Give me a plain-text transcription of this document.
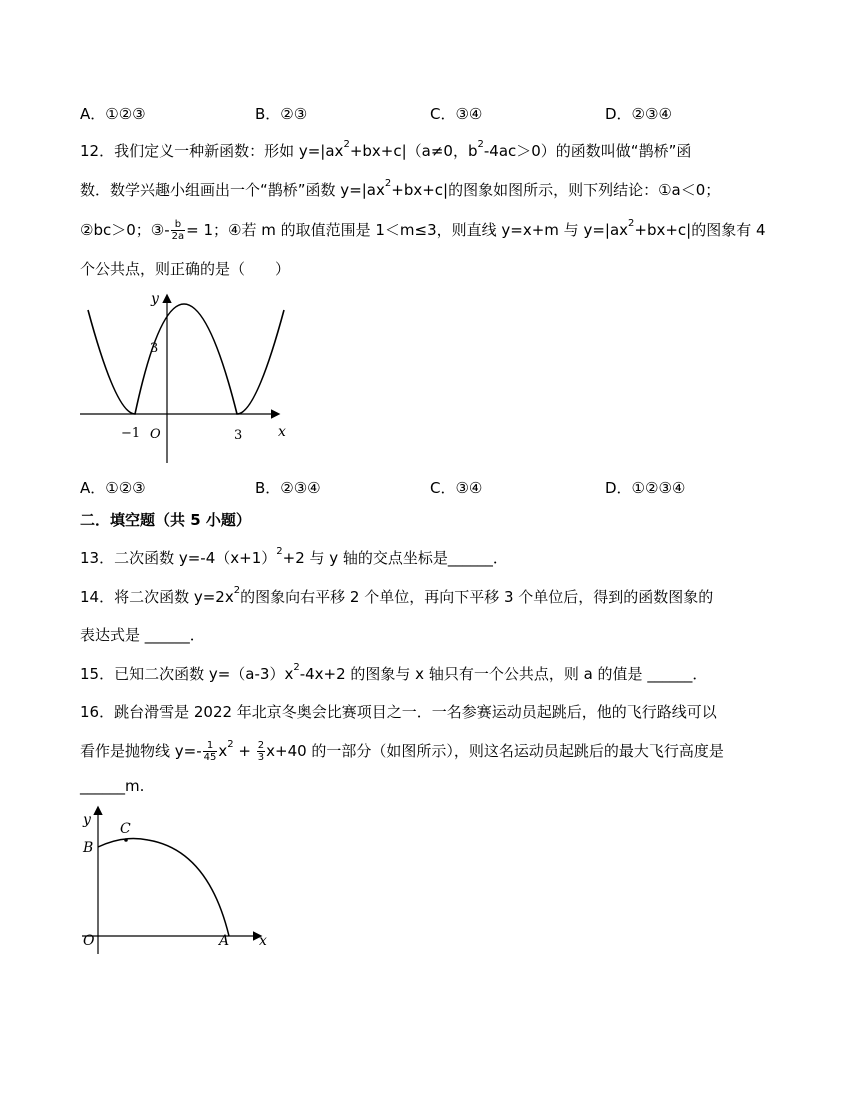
A．①②③	B．②③	C．③④	D．②③④
12．我们定义一种新函数：形如 $y=|ax^2+bx+c|(a\ne 0$，$b^2-4ac>0$）的函数叫做“鹊桥”函
数．数学兴趣小组画出一个“鹊桥”函数 $y=|ax^2+bx+c|$的图象如图所示，则下列结论：①a＜0；
②bc＞0；③- $\frac{b}{2a} = 1$；④若 m 的取值范围是 1＜m≤3，则直线 y=x+m 与 $y=|ax^2+bx+c|$的图象有 4
个公共点，则正确的是（　　）
y
3
x
−1 O	3
A．①②③	B．②③④	C．③④	D．①②③④
二．填空题（共 5 小题）
13．二次函数 $y=-4(x+1)^2+2$ 与 y 轴的交点坐标是______．
14．将二次函数 $y=2x^2$的图象向右平移 2 个单位，再向下平移 3 个单位后，得到的函数图象的
表达式是 ______．
15．已知二次函数 $y=(a-3)x^2-4x+2$ 的图象与 x 轴只有一个公共点，则 a 的值是 ______．
16．跳台滑雪是 2022 年北京冬奥会比赛项目之一．一名参赛运动员起跳后，他的飞行路线可以
看作是抛物线 $y=- \frac{1}{45} x^2 + \frac{2}{3} x+40$ 的一部分（如图所示），则这名运动员起跳后的最大飞行高度是
______m.
y
C
B
O	A x
